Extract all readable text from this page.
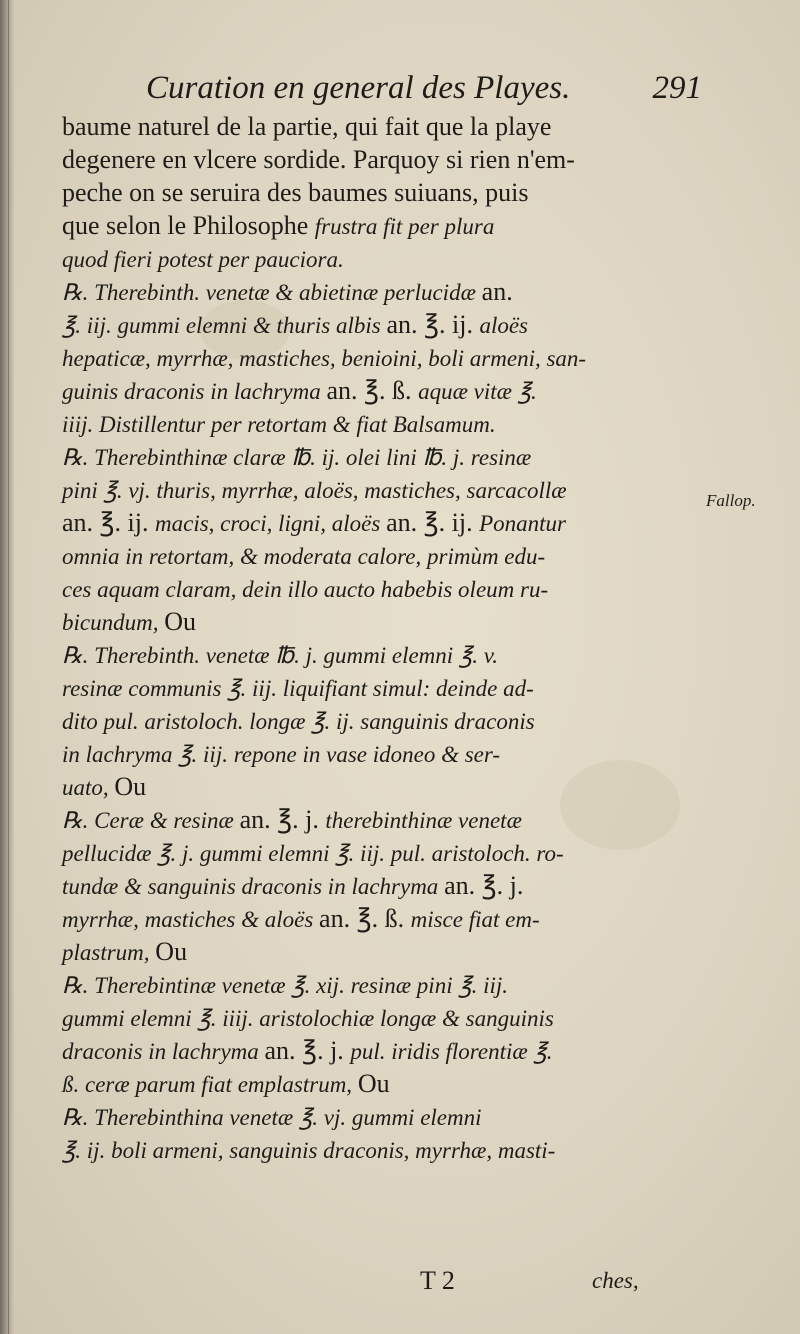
Curation en general des Playes. 291
baume naturel de la partie, qui fait que la playe
degenere en vlcere sordide. Parquoy si rien n'em-
peche on se seruira des baumes suiuans, puis
que selon le Philosophe frustra fit per plura
quod fieri potest per pauciora.
℞. Therebinth. venetæ & abietinæ perlucidæ an.
℥. iij. gummi elemni & thuris albis an. ℥. ij. aloës
hepaticæ, myrrhæ, mastiches, benioini, boli armeni, san-
guinis draconis in lachryma an. ℥. ß. aquæ vitæ ℥.
iiij. Distillentur per retortam & fiat Balsamum.
℞. Therebinthinæ claræ ℔. ij. olei lini ℔. j. resinæ
pini ℥. vj. thuris, myrrhæ, aloës, mastiches, sarcacollæ
an. ℥. ij. macis, croci, ligni, aloës an. ℥. ij. Ponantur
omnia in retortam, & moderata calore, primùm edu-
ces aquam claram, dein illo aucto habebis oleum ru-
bicundum, Ou
℞. Therebinth. venetæ ℔. j. gummi elemni ℥. v.
resinæ communis ℥. iij. liquifiant simul: deinde ad-
dito pul. aristoloch. longæ ℥. ij. sanguinis draconis
in lachryma ℥. iij. repone in vase idoneo & ser-
uato, Ou
℞. Ceræ & resinæ an. ℥. j. therebinthinæ venetæ
pellucidæ ℥. j. gummi elemni ℥. iij. pul. aristoloch. ro-
tundæ & sanguinis draconis in lachryma an. ℥. j.
myrrhæ, mastiches & aloës an. ℥. ß. misce fiat em-
plastrum, Ou
℞. Therebintinæ venetæ ℥. xij. resinæ pini ℥. iij.
gummi elemni ℥. iiij. aristolochiæ longæ & sanguinis
draconis in lachryma an. ℥. j. pul. iridis florentiæ ℥.
ß. ceræ parum fiat emplastrum, Ou
℞. Therebinthina venetæ ℥. vj. gummi elemni
℥. ij. boli armeni, sanguinis draconis, myrrhæ, masti-
Fallop.
T 2	ches,
